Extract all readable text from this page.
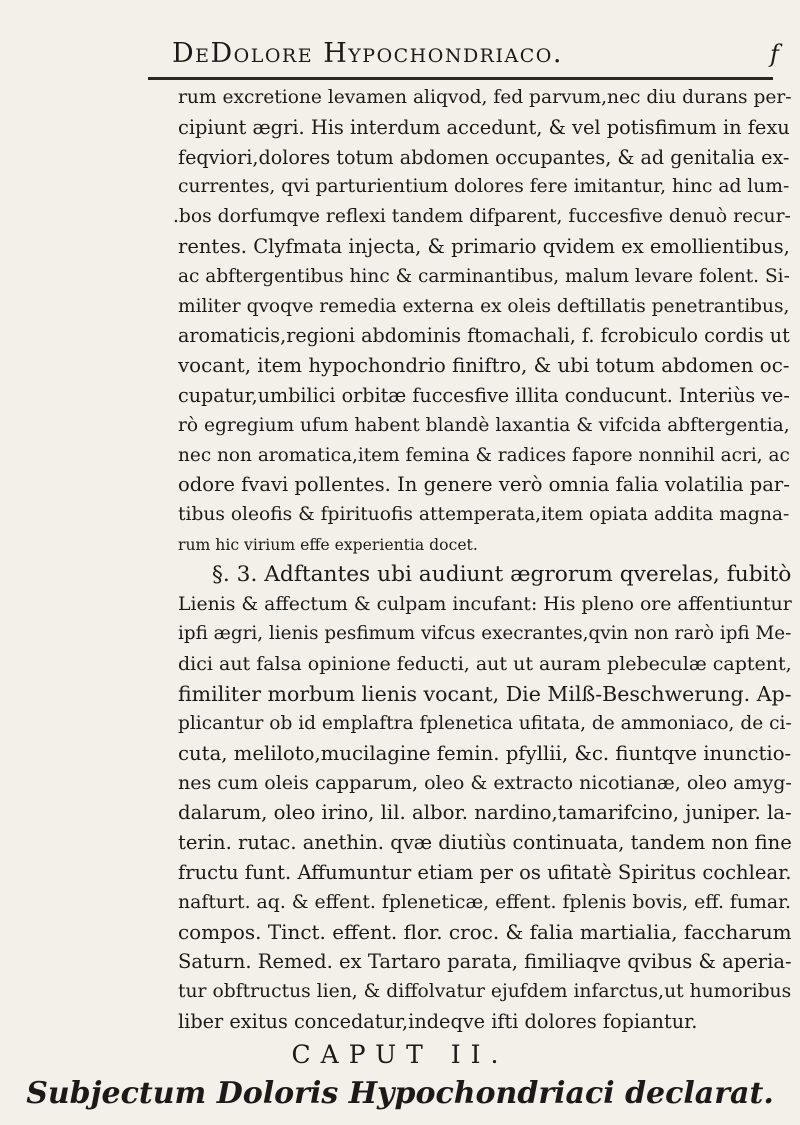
DeDolore Hypochondriaco.	f
rum excretione levamen aliqvod, fed parvum,nec diu durans per-
cipiunt ægri. His interdum accedunt, & vel potisfimum in fexu
feqviori,dolores totum abdomen occupantes, & ad genitalia ex-
currentes, qvi parturientium dolores fere imitantur, hinc ad lum-
.bos dorfumqve reflexi tandem difparent, fuccesfive denuò recur-
rentes. Clyfmata injecta, & primario qvidem ex emollientibus,
ac abftergentibus hinc & carminantibus, malum levare folent. Si-
militer qvoqve remedia externa ex oleis deftillatis penetrantibus,
aromaticis,regioni abdominis ftomachali, f. fcrobiculo cordis ut
vocant, item hypochondrio finiftro, & ubi totum abdomen oc-
cupatur,umbilici orbitæ fuccesfive illita conducunt. Interiùs ve-
rò egregium ufum habent blandè laxantia & vifcida abftergentia,
nec non aromatica,item femina & radices fapore nonnihil acri, ac
odore fvavi pollentes. In genere verò omnia falia volatilia par-
tibus oleofis & fpirituofis attemperata,item opiata addita magna-
rum hic virium effe experientia docet.
§. 3. Adftantes ubi audiunt ægrorum qverelas, fubitò
Lienis & affectum & culpam incufant: His pleno ore affentiuntur
ipfi ægri, lienis pesfimum vifcus execrantes,qvin non rarò ipfi Me-
dici aut falsa opinione feducti, aut ut auram plebeculæ captent,
fimiliter morbum lienis vocant, Die Milß-Beschwerung. Ap-
plicantur ob id emplaftra fplenetica ufitata, de ammoniaco, de ci-
cuta, meliloto,mucilagine femin. pfyllii, &c. fiuntqve inunctio-
nes cum oleis capparum, oleo & extracto nicotianæ, oleo amyg-
dalarum, oleo irino, lil. albor. nardino,tamarifcino, juniper. la-
terin. rutac. anethin. qvæ diutiùs continuata, tandem non fine
fructu funt. Affumuntur etiam per os ufitatè Spiritus cochlear.
nafturt. aq. & effent. fpleneticæ, effent. fplenis bovis, eff. fumar.
compos. Tinct. effent. flor. croc. & falia martialia, faccharum
Saturn. Remed. ex Tartaro parata, fimiliaqve qvibus & aperia-
tur obftructus lien, & diffolvatur ejufdem infarctus,ut humoribus
liber exitus concedatur,indeqve ifti dolores fopiantur.
CAPUT II.
Subjectum Doloris Hypochondriaci declarat.
